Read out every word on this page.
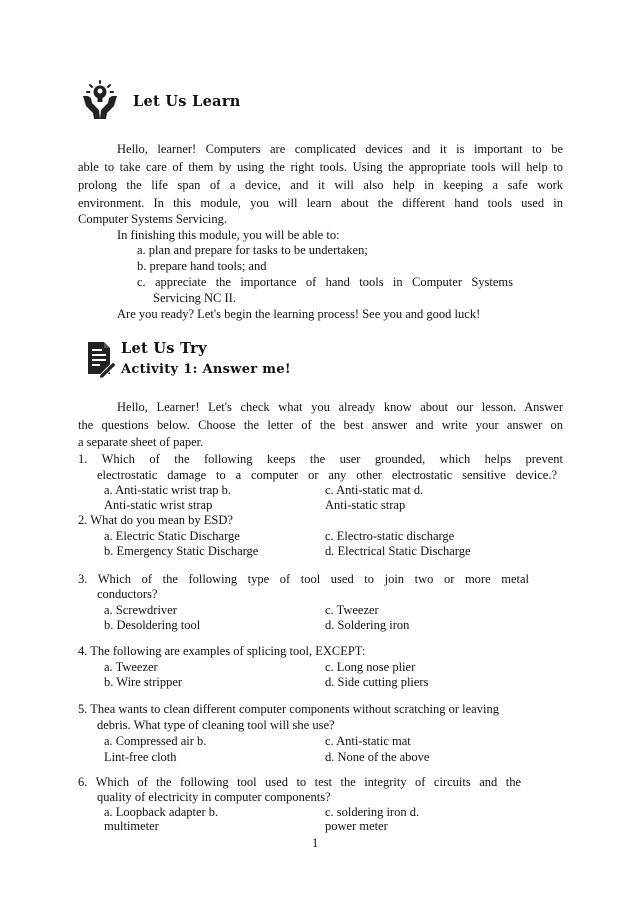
Let Us Learn
Hello, learner! Computers are complicated devices and it is important to be
able to take care of them by using the right tools. Using the appropriate tools will help to
prolong the life span of a device, and it will also help in keeping a safe work
environment. In this module, you will learn about the different hand tools used in
Computer Systems Servicing.
In finishing this module, you will be able to:
a. plan and prepare for tasks to be undertaken;
b. prepare hand tools; and
c. appreciate the importance of hand tools in Computer Systems
Servicing NC II.
Are you ready? Let's begin the learning process! See you and good luck!
Let Us Try
Activity 1: Answer me!
Hello, Learner! Let's check what you already know about our lesson. Answer
the questions below. Choose the letter of the best answer and write your answer on
a separate sheet of paper.
1. Which of the following keeps the user grounded, which helps prevent
electrostatic damage to a computer or any other electrostatic sensitive device.?
a. Anti-static wrist trap b.	c. Anti-static mat d.
Anti-static wrist strap	Anti-static strap
2. What do you mean by ESD?
a. Electric Static Discharge	c. Electro-static discharge
b. Emergency Static Discharge	d. Electrical Static Discharge
3. Which of the following type of tool used to join two or more metal
conductors?
a. Screwdriver	c. Tweezer
b. Desoldering tool	d. Soldering iron
4. The following are examples of splicing tool, EXCEPT:
a. Tweezer	c. Long nose plier
b. Wire stripper	d. Side cutting pliers
5. Thea wants to clean different computer components without scratching or leaving
debris. What type of cleaning tool will she use?
a. Compressed air b.	c. Anti-static mat
Lint-free cloth	d. None of the above
6. Which of the following tool used to test the integrity of circuits and the
quality of electricity in computer components?
a. Loopback adapter b.	c. soldering iron d.
multimeter	power meter
1
